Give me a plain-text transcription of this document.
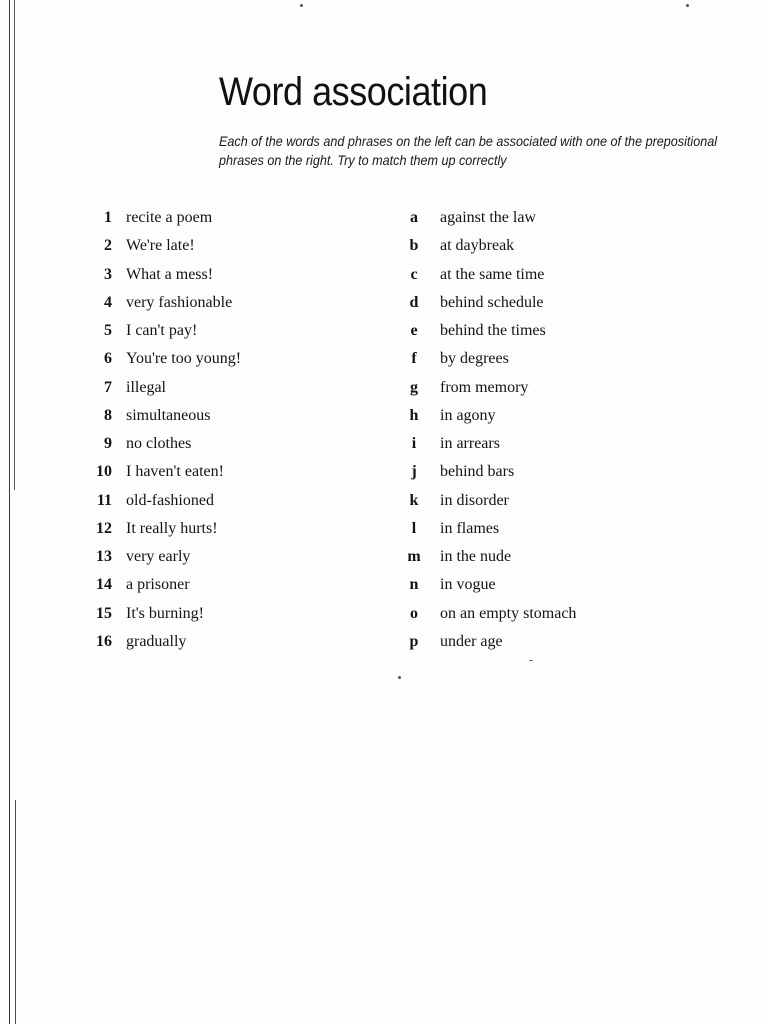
Word association

Each of the words and phrases on the left can be associated with one of the prepositional phrases on the right. Try to match them up correctly

1 recite a poem
2 We're late!
3 What a mess!
4 very fashionable
5 I can't pay!
6 You're too young!
7 illegal
8 simultaneous
9 no clothes
10 I haven't eaten!
11 old-fashioned
12 It really hurts!
13 very early
14 a prisoner
15 It's burning!
16 gradually
a	against the law
b	at daybreak
c	at the same time
d	behind schedule
e	behind the times
f	by degrees
g	from memory
h	in agony
i	in arrears
j	behind bars
k	in disorder
l	in flames
m	in the nude
n	in vogue
o	on an empty stomach
p	under age
